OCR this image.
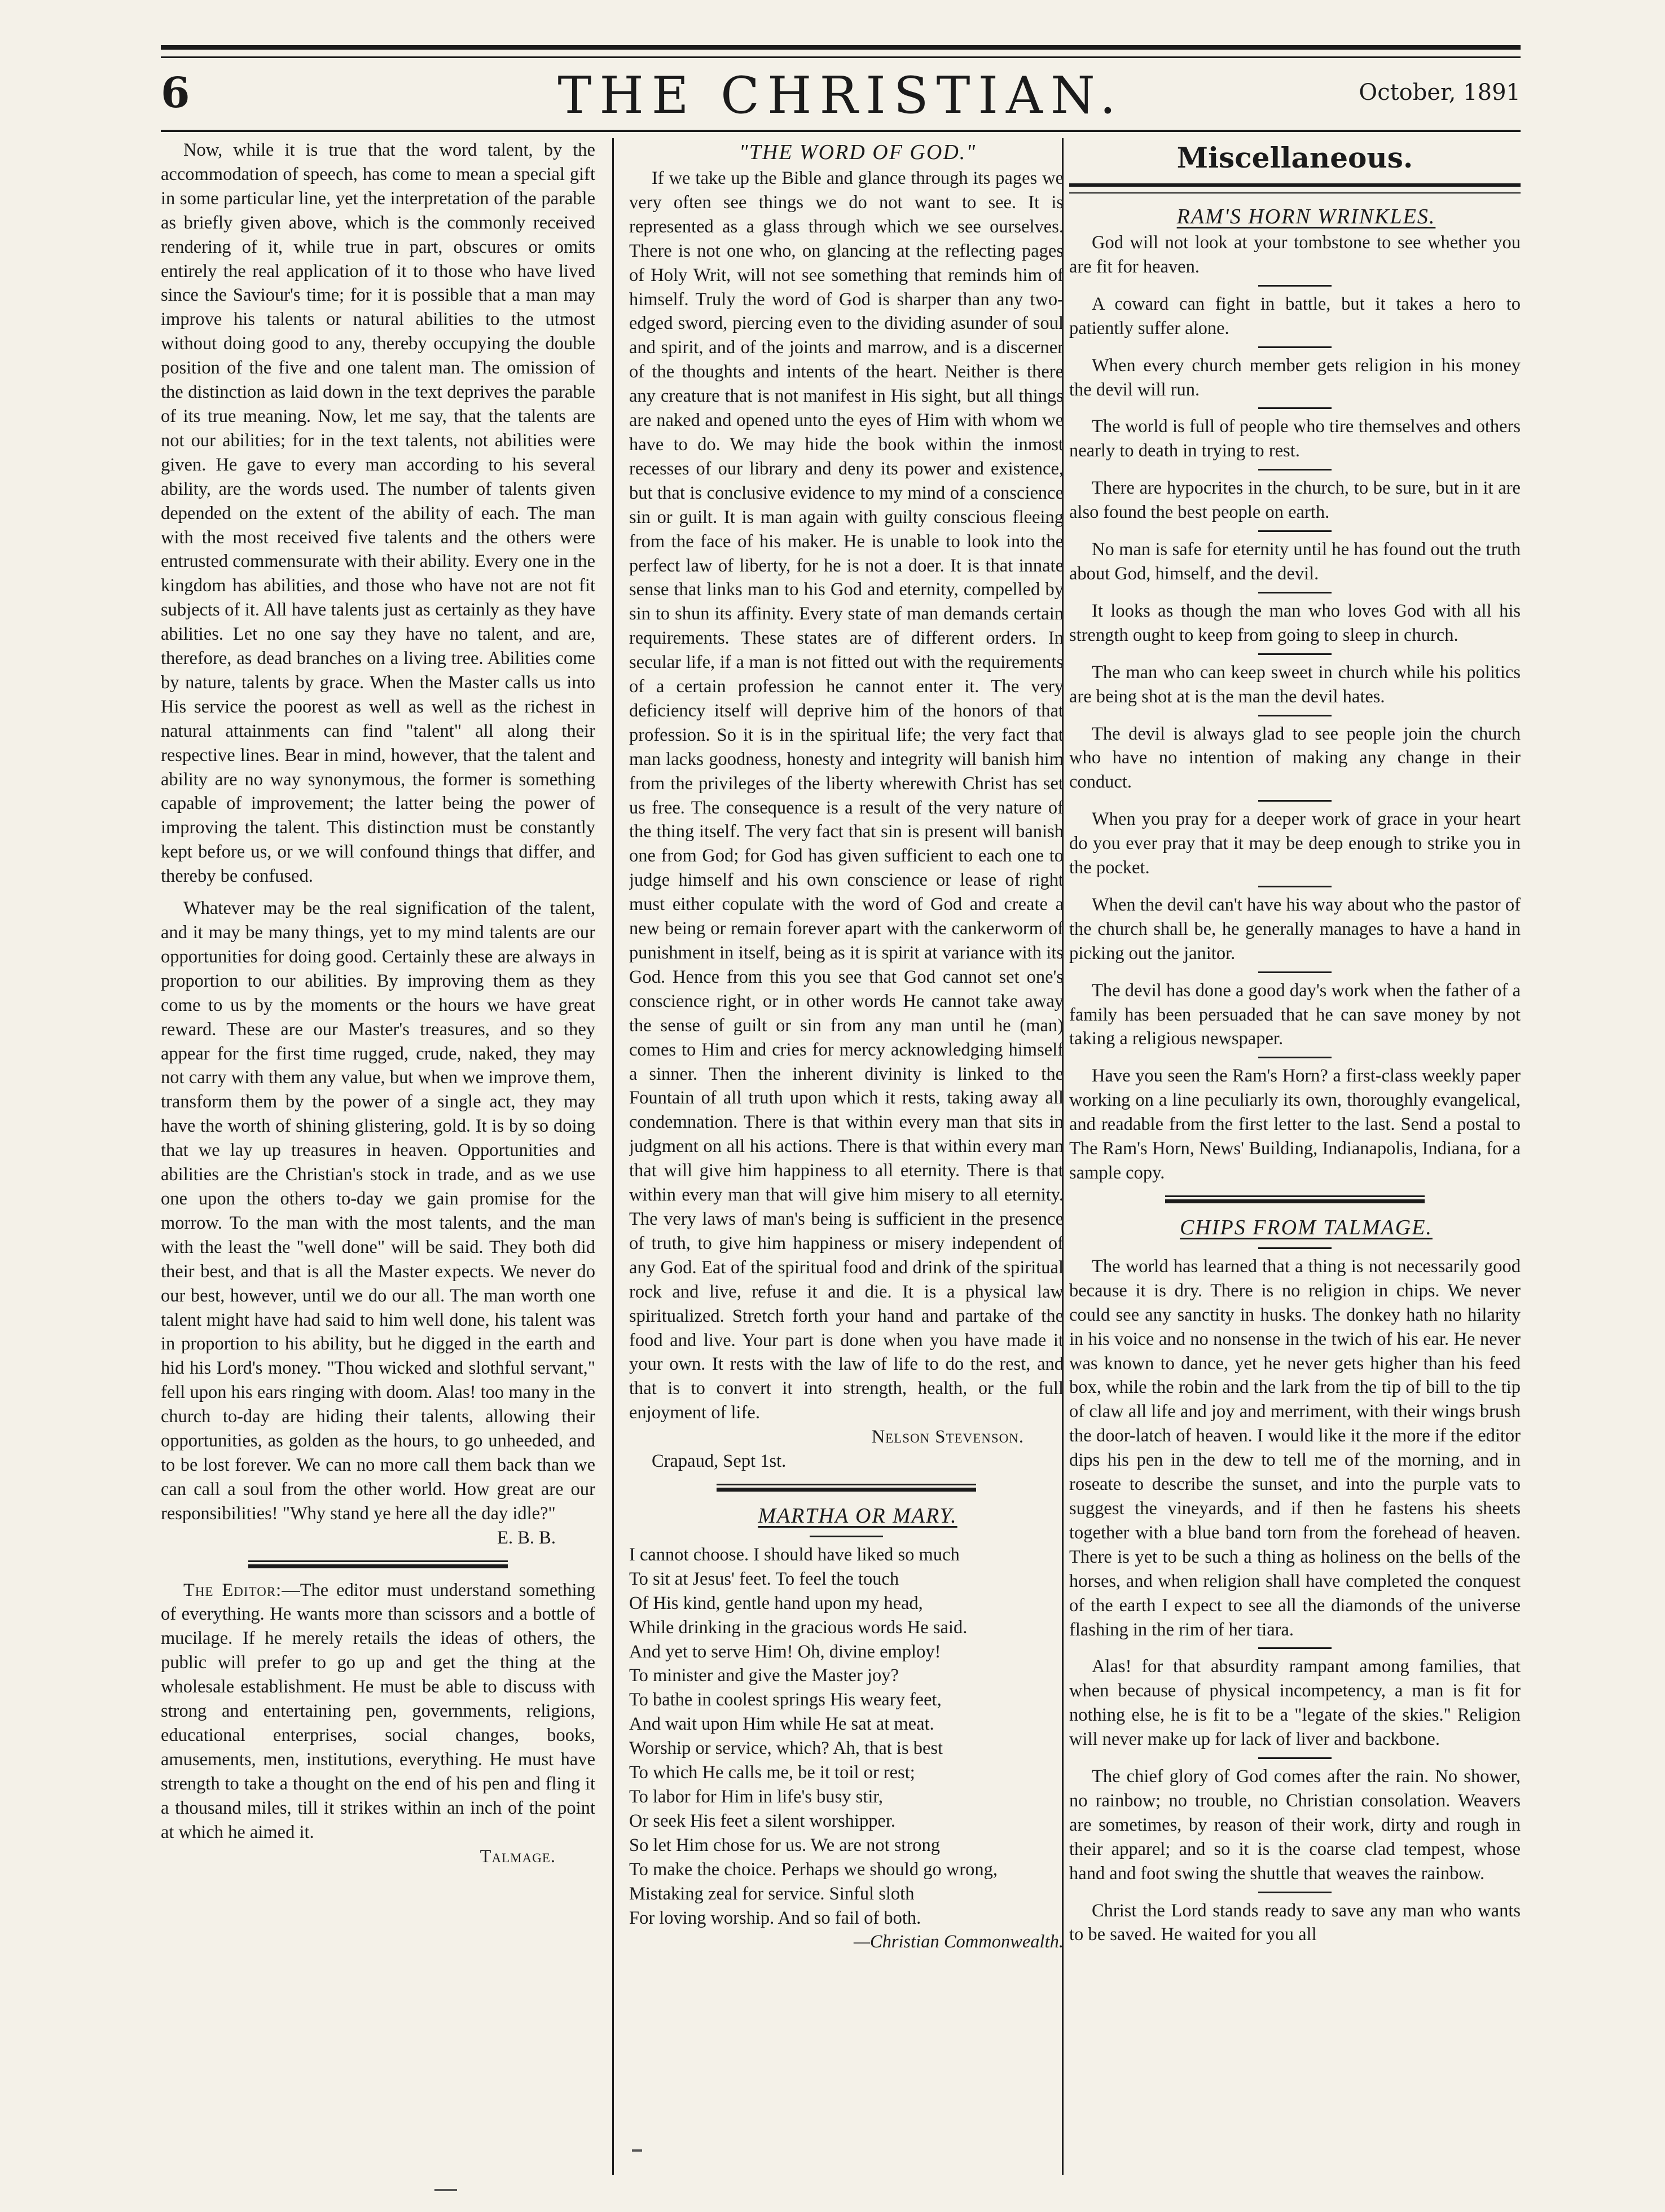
6	THE CHRISTIAN.	October, 1891

Now, while it is true that the word talent, by the accommodation of speech, has come to mean a special gift in some particular line, yet the interpretation of the parable as briefly given above, which is the commonly received rendering of it, while true in part, obscures or omits entirely the real application of it to those who have lived since the Saviour's time; for it is possible that a man may improve his talents or natural abilities to the utmost without doing good to any, thereby occupying the double position of the five and one talent man. The omission of the distinction as laid down in the text deprives the parable of its true meaning. Now, let me say, that the talents are not our abilities; for in the text talents, not abilities were given. He gave to every man according to his several ability, are the words used. The number of talents given depended on the extent of the ability of each. The man with the most received five talents and the others were entrusted commensurate with their ability. Every one in the kingdom has abilities, and those who have not are not fit subjects of it. All have talents just as certainly as they have abilities. Let no one say they have no talent, and are, therefore, as dead branches on a living tree. Abilities come by nature, talents by grace. When the Master calls us into His service the poorest as well as well as the richest in natural attainments can find "talent" all along their respective lines. Bear in mind, however, that the talent and ability are no way synonymous, the former is something capable of improvement; the latter being the power of improving the talent. This distinction must be constantly kept before us, or we will confound things that differ, and thereby be confused.

Whatever may be the real signification of the talent, and it may be many things, yet to my mind talents are our opportunities for doing good. Certainly these are always in proportion to our abilities. By improving them as they come to us by the moments or the hours we have great reward. These are our Master's treasures, and so they appear for the first time rugged, crude, naked, they may not carry with them any value, but when we improve them, transform them by the power of a single act, they may have the worth of shining glistering, gold. It is by so doing that we lay up treasures in heaven. Opportunities and abilities are the Christian's stock in trade, and as we use one upon the others to-day we gain promise for the morrow. To the man with the most talents, and the man with the least the "well done" will be said. They both did their best, and that is all the Master expects. We never do our best, however, until we do our all. The man worth one talent might have had said to him well done, his talent was in proportion to his ability, but he digged in the earth and hid his Lord's money. "Thou wicked and slothful servant," fell upon his ears ringing with doom. Alas! too many in the church to-day are hiding their talents, allowing their opportunities, as golden as the hours, to go unheeded, and to be lost forever. We can no more call them back than we can call a soul from the other world. How great are our responsibilities! "Why stand ye here all the day idle?"

E. B. B.

The Editor:—The editor must understand something of everything. He wants more than scissors and a bottle of mucilage. If he merely retails the ideas of others, the public will prefer to go up and get the thing at the wholesale establishment. He must be able to discuss with strong and entertaining pen, governments, religions, educational enterprises, social changes, books, amusements, men, institutions, everything. He must have strength to take a thought on the end of his pen and fling it a thousand miles, till it strikes within an inch of the point at which he aimed it.

Talmage.

"THE WORD OF GOD."

If we take up the Bible and glance through its pages we very often see things we do not want to see. It is represented as a glass through which we see ourselves. There is not one who, on glancing at the reflecting pages of Holy Writ, will not see something that reminds him of himself. Truly the word of God is sharper than any two-edged sword, piercing even to the dividing asunder of soul and spirit, and of the joints and marrow, and is a discerner of the thoughts and intents of the heart. Neither is there any creature that is not manifest in His sight, but all things are naked and opened unto the eyes of Him with whom we have to do. We may hide the book within the inmost recesses of our library and deny its power and existence, but that is conclusive evidence to my mind of a conscience sin or guilt. It is man again with guilty conscious fleeing from the face of his maker. He is unable to look into the perfect law of liberty, for he is not a doer. It is that innate sense that links man to his God and eternity, compelled by sin to shun its affinity. Every state of man demands certain requirements. These states are of different orders. In secular life, if a man is not fitted out with the requirements of a certain profession he cannot enter it. The very deficiency itself will deprive him of the honors of that profession. So it is in the spiritual life; the very fact that man lacks goodness, honesty and integrity will banish him from the privileges of the liberty wherewith Christ has set us free. The consequence is a result of the very nature of the thing itself. The very fact that sin is present will banish one from God; for God has given sufficient to each one to judge himself and his own conscience or lease of right must either copulate with the word of God and create a new being or remain forever apart with the cankerworm of punishment in itself, being as it is spirit at variance with its God. Hence from this you see that God cannot set one's conscience right, or in other words He cannot take away the sense of guilt or sin from any man until he (man) comes to Him and cries for mercy acknowledging himself a sinner. Then the inherent divinity is linked to the Fountain of all truth upon which it rests, taking away all condemnation. There is that within every man that sits in judgment on all his actions. There is that within every man that will give him happiness to all eternity. There is that within every man that will give him misery to all eternity. The very laws of man's being is sufficient in the presence of truth, to give him happiness or misery independent of any God. Eat of the spiritual food and drink of the spiritual rock and live, refuse it and die. It is a physical law spiritualized. Stretch forth your hand and partake of the food and live. Your part is done when you have made it your own. It rests with the law of life to do the rest, and that is to convert it into strength, health, or the full enjoyment of life.

Nelson Stevenson.

Crapaud, Sept 1st.

MARTHA OR MARY.

I cannot choose. I should have liked so much
To sit at Jesus' feet. To feel the touch
Of His kind, gentle hand upon my head,
While drinking in the gracious words He said.
And yet to serve Him! Oh, divine employ!
To minister and give the Master joy?
To bathe in coolest springs His weary feet,
And wait upon Him while He sat at meat.
Worship or service, which? Ah, that is best
To which He calls me, be it toil or rest;
To labor for Him in life's busy stir,
Or seek His feet a silent worshipper.
So let Him chose for us. We are not strong
To make the choice. Perhaps we should go wrong,
Mistaking zeal for service. Sinful sloth
For loving worship. And so fail of both.

—Christian Commonwealth.

Miscellaneous.

RAM'S HORN WRINKLES.

God will not look at your tombstone to see whether you are fit for heaven.

A coward can fight in battle, but it takes a hero to patiently suffer alone.

When every church member gets religion in his money the devil will run.

The world is full of people who tire themselves and others nearly to death in trying to rest.

There are hypocrites in the church, to be sure, but in it are also found the best people on earth.

No man is safe for eternity until he has found out the truth about God, himself, and the devil.

It looks as though the man who loves God with all his strength ought to keep from going to sleep in church.

The man who can keep sweet in church while his politics are being shot at is the man the devil hates.

The devil is always glad to see people join the church who have no intention of making any change in their conduct.

When you pray for a deeper work of grace in your heart do you ever pray that it may be deep enough to strike you in the pocket.

When the devil can't have his way about who the pastor of the church shall be, he generally manages to have a hand in picking out the janitor.

The devil has done a good day's work when the father of a family has been persuaded that he can save money by not taking a religious newspaper.

Have you seen the Ram's Horn? a first-class weekly paper working on a line peculiarly its own, thoroughly evangelical, and readable from the first letter to the last. Send a postal to The Ram's Horn, News' Building, Indianapolis, Indiana, for a sample copy.

CHIPS FROM TALMAGE.

The world has learned that a thing is not necessarily good because it is dry. There is no religion in chips. We never could see any sanctity in husks. The donkey hath no hilarity in his voice and no nonsense in the twich of his ear. He never was known to dance, yet he never gets higher than his feed box, while the robin and the lark from the tip of bill to the tip of claw all life and joy and merriment, with their wings brush the door-latch of heaven. I would like it the more if the editor dips his pen in the dew to tell me of the morning, and in roseate to describe the sunset, and into the purple vats to suggest the vineyards, and if then he fastens his sheets together with a blue band torn from the forehead of heaven. There is yet to be such a thing as holiness on the bells of the horses, and when religion shall have completed the conquest of the earth I expect to see all the diamonds of the universe flashing in the rim of her tiara.

Alas! for that absurdity rampant among families, that when because of physical incompetency, a man is fit for nothing else, he is fit to be a "legate of the skies." Religion will never make up for lack of liver and backbone.

The chief glory of God comes after the rain. No shower, no rainbow; no trouble, no Christian consolation. Weavers are sometimes, by reason of their work, dirty and rough in their apparel; and so it is the coarse clad tempest, whose hand and foot swing the shuttle that weaves the rainbow.

Christ the Lord stands ready to save any man who wants to be saved. He waited for you all
